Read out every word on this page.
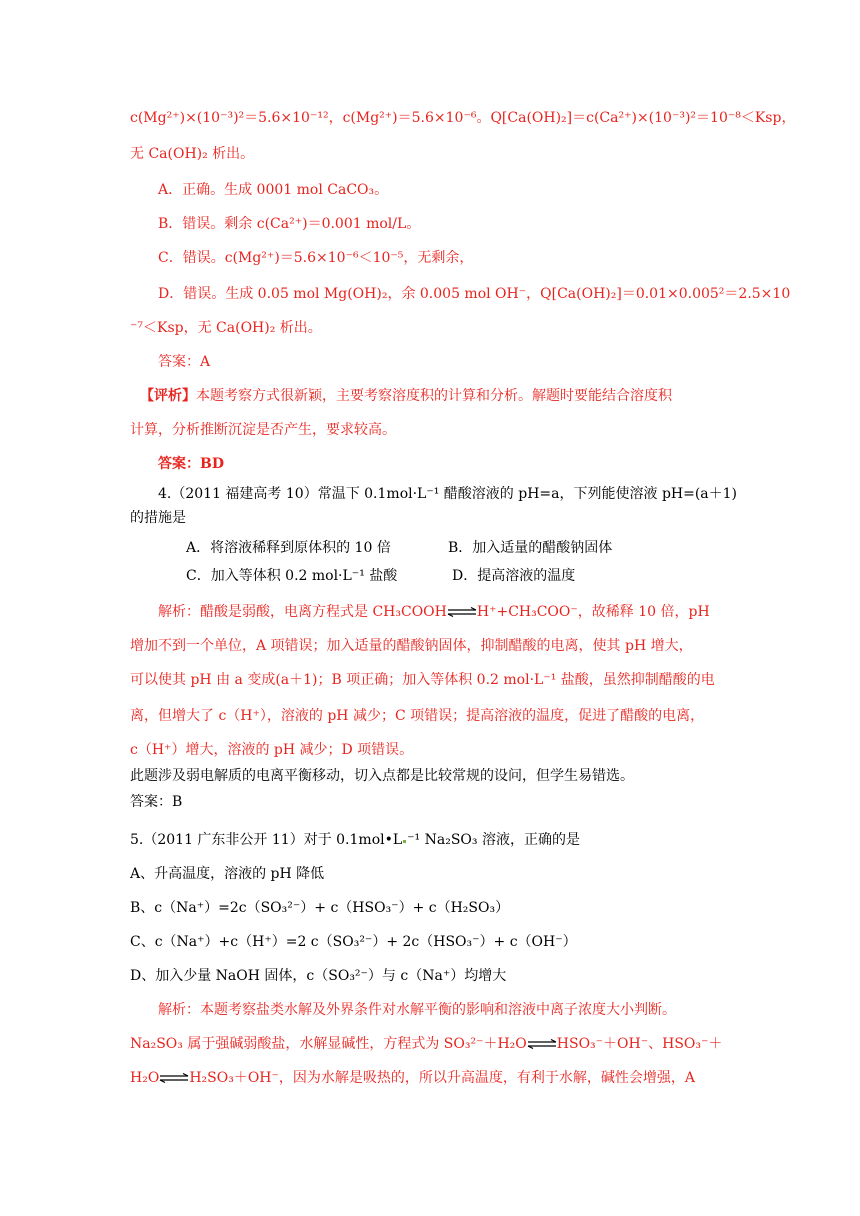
c(Mg²⁺)×(10⁻³)²＝5.6×10⁻¹²，c(Mg²⁺)＝5.6×10⁻⁶。Q[Ca(OH)₂]＝c(Ca²⁺)×(10⁻³)²＝10⁻⁸＜Ksp，
无 Ca(OH)₂ 析出。
A．正确。生成 0001 mol CaCO₃。
B．错误。剩余 c(Ca²⁺)＝0.001 mol/L。
C．错误。c(Mg²⁺)＝5.6×10⁻⁶＜10⁻⁵，无剩余，
D．错误。生成 0.05 mol Mg(OH)₂，余 0.005 mol OH⁻，Q[Ca(OH)₂]＝0.01×0.005²＝2.5×10
⁻⁷＜Ksp，无 Ca(OH)₂ 析出。
答案：A
【评析】本题考察方式很新颖，主要考察溶度积的计算和分析。解题时要能结合溶度积
计算，分析推断沉淀是否产生，要求较高。
答案：BD
4.（2011 福建高考 10）常温下 0.1mol·L⁻¹ 醋酸溶液的 pH=a，下列能使溶液 pH=(a＋1)
的措施是
A．将溶液稀释到原体积的 10 倍	B．加入适量的醋酸钠固体
C．加入等体积 0.2 mol·L⁻¹ 盐酸	D．提高溶液的温度
解析：醋酸是弱酸，电离方程式是 CH₃COOH⇌H⁺+CH₃COO⁻，故稀释 10 倍，pH
增加不到一个单位，A 项错误；加入适量的醋酸钠固体，抑制醋酸的电离，使其 pH 增大，
可以使其 pH 由 a 变成(a＋1)；B 项正确；加入等体积 0.2 mol·L⁻¹ 盐酸，虽然抑制醋酸的电
离，但增大了 c（H⁺），溶液的 pH 减少；C 项错误；提高溶液的温度，促进了醋酸的电离，
c（H⁺）增大，溶液的 pH 减少；D 项错误。
此题涉及弱电解质的电离平衡移动，切入点都是比较常规的设问，但学生易错选。
答案：B
5.（2011 广东非公开 11）对于 0.1mol•L ⁻¹ Na₂SO₃ 溶液，正确的是
A、升高温度，溶液的 pH 降低
B、c（Na⁺）=2c（SO₃²⁻）+ c（HSO₃⁻）+ c（H₂SO₃）
C、c（Na⁺）+c（H⁺）=2 c（SO₃²⁻）+ 2c（HSO₃⁻）+ c（OH⁻）
D、加入少量 NaOH 固体，c（SO₃²⁻）与 c（Na⁺）均增大
解析：本题考察盐类水解及外界条件对水解平衡的影响和溶液中离子浓度大小判断。
Na₂SO₃ 属于强碱弱酸盐，水解显碱性，方程式为 SO₃²⁻＋H₂O⇌HSO₃⁻＋OH⁻、HSO₃⁻＋
H₂O⇌H₂SO₃＋OH⁻，因为水解是吸热的，所以升高温度，有利于水解，碱性会增强，A
